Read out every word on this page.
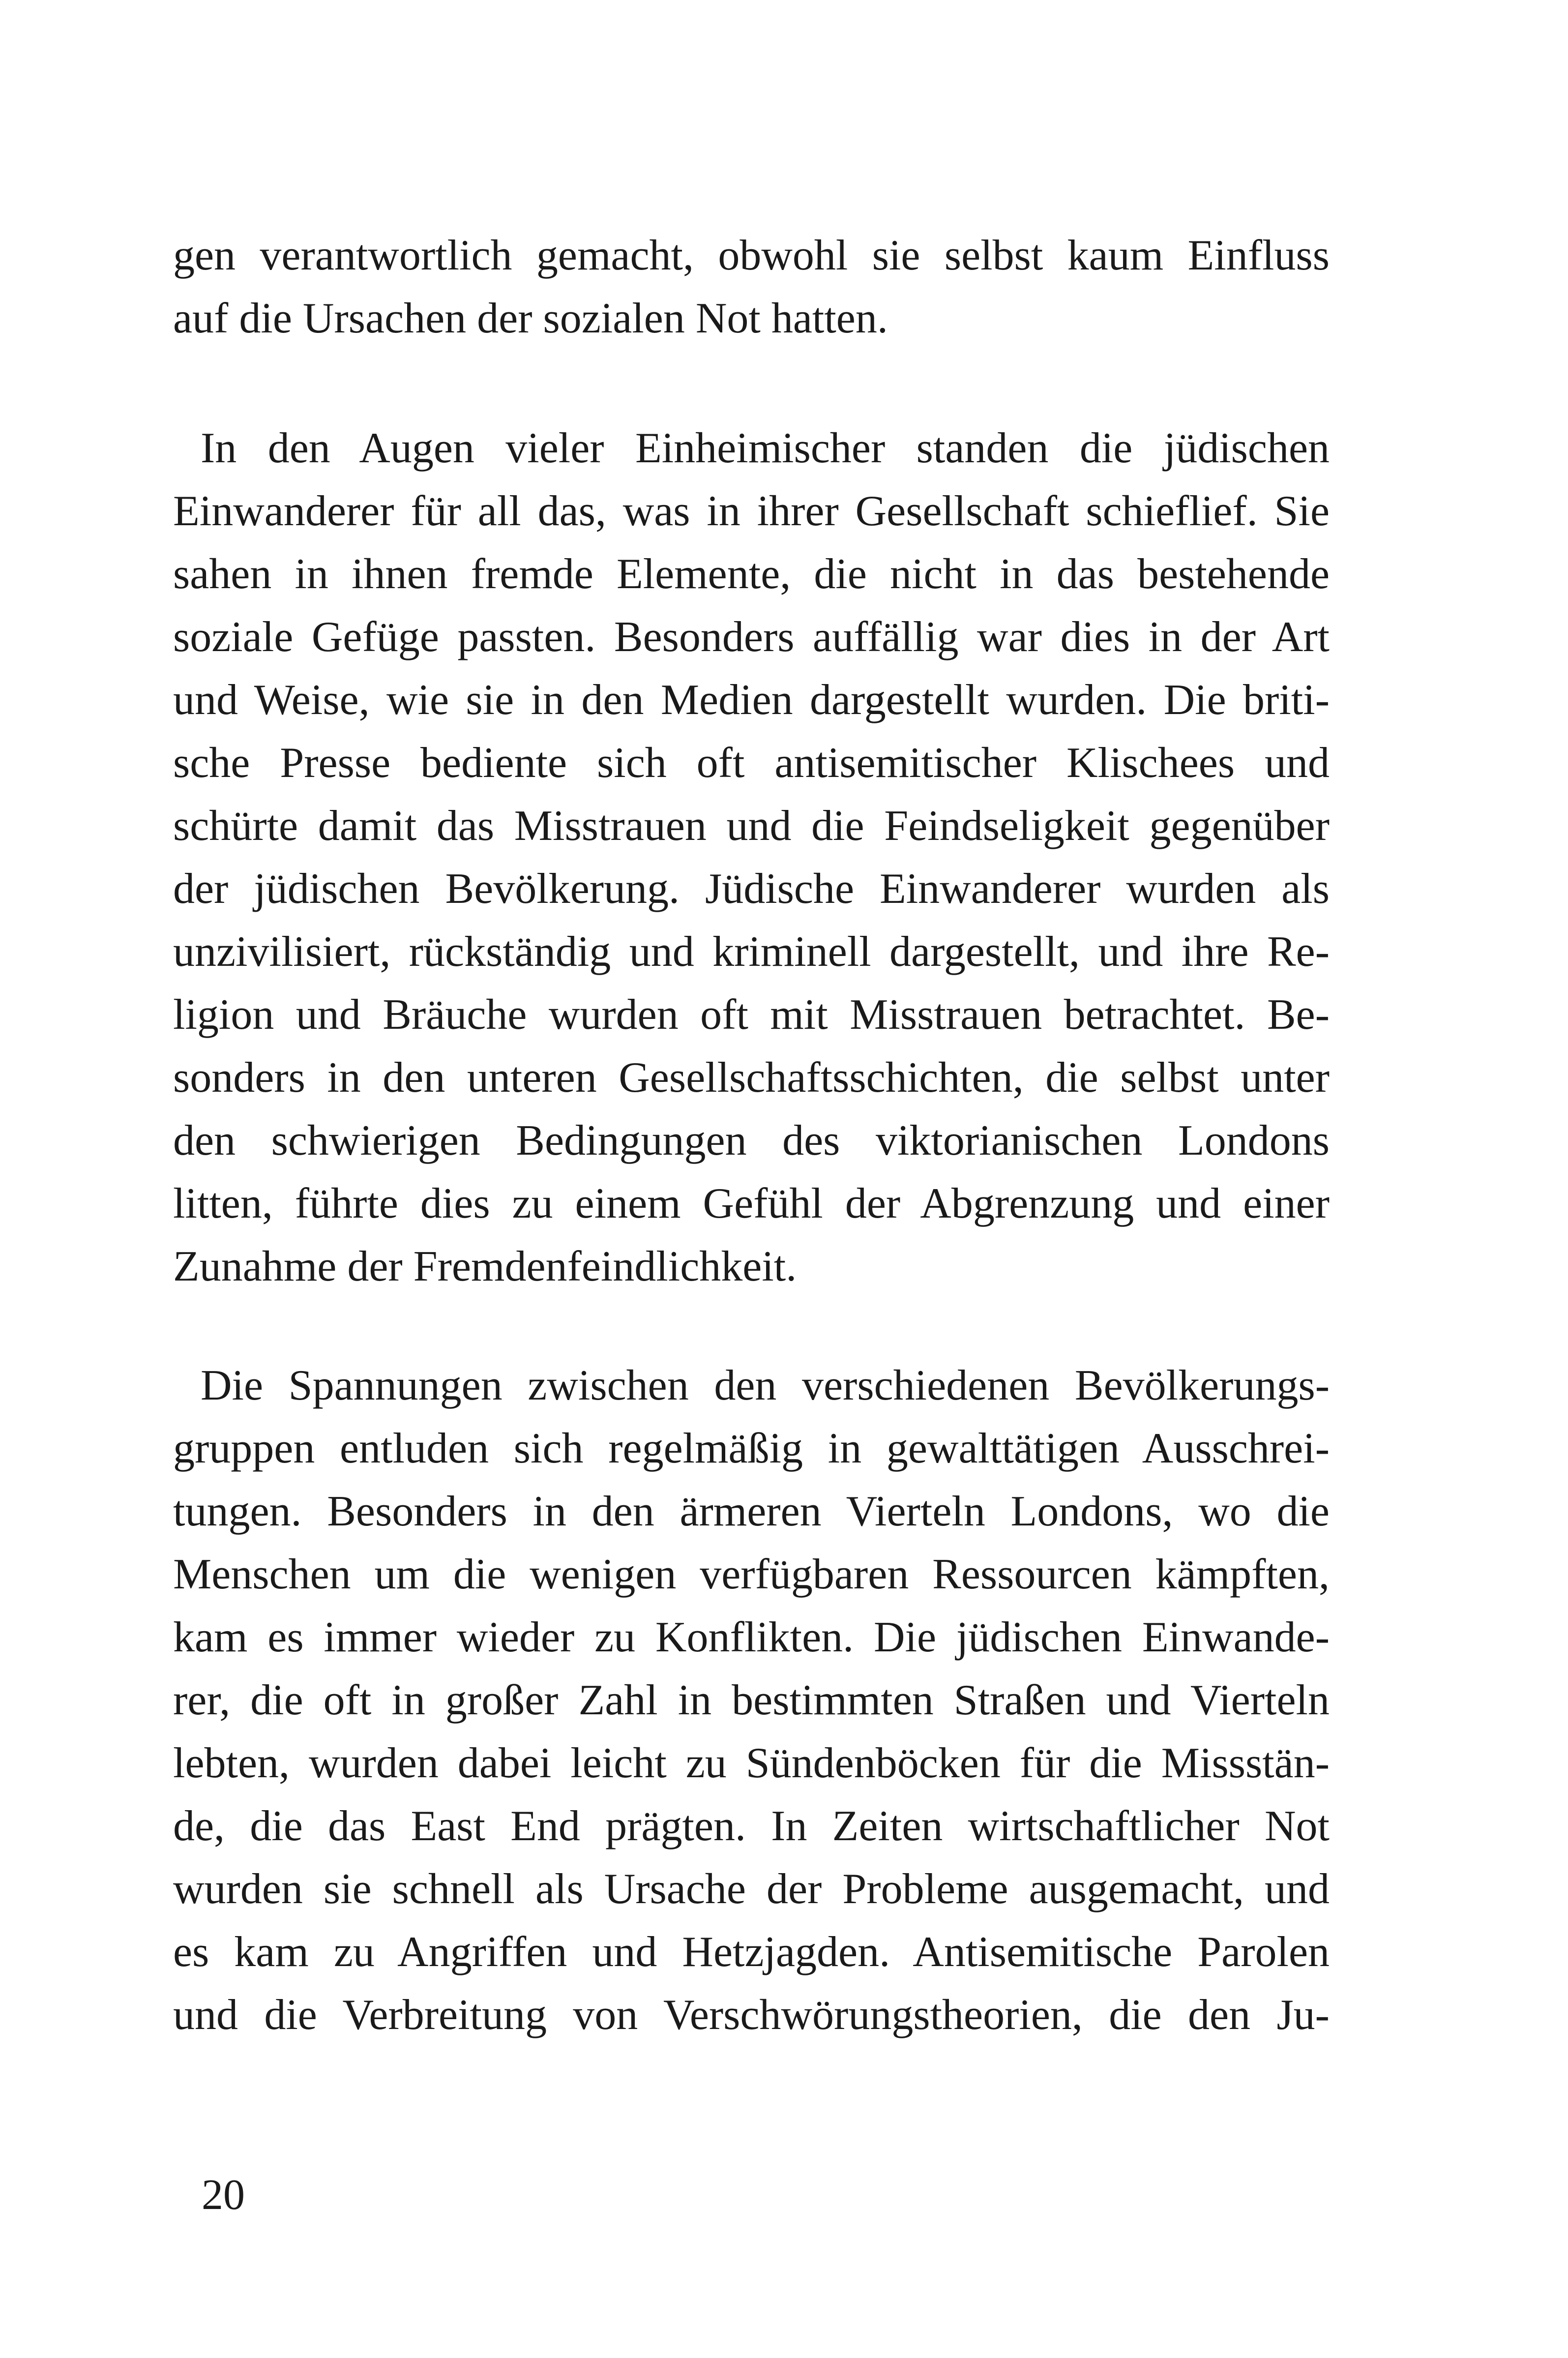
gen verantwortlich gemacht, obwohl sie selbst kaum Einfluss
auf die Ursachen der sozialen Not hatten.
In den Augen vieler Einheimischer standen die jüdischen
Einwanderer für all das, was in ihrer Gesellschaft schieflief. Sie
sahen in ihnen fremde Elemente, die nicht in das bestehende
soziale Gefüge passten. Besonders auffällig war dies in der Art
und Weise, wie sie in den Medien dargestellt wurden. Die briti-
sche Presse bediente sich oft antisemitischer Klischees und
schürte damit das Misstrauen und die Feindseligkeit gegenüber
der jüdischen Bevölkerung. Jüdische Einwanderer wurden als
unzivilisiert, rückständig und kriminell dargestellt, und ihre Re-
ligion und Bräuche wurden oft mit Misstrauen betrachtet. Be-
sonders in den unteren Gesellschaftsschichten, die selbst unter
den schwierigen Bedingungen des viktorianischen Londons
litten, führte dies zu einem Gefühl der Abgrenzung und einer
Zunahme der Fremdenfeindlichkeit.
Die Spannungen zwischen den verschiedenen Bevölkerungs-
gruppen entluden sich regelmäßig in gewalttätigen Ausschrei-
tungen. Besonders in den ärmeren Vierteln Londons, wo die
Menschen um die wenigen verfügbaren Ressourcen kämpften,
kam es immer wieder zu Konflikten. Die jüdischen Einwande-
rer, die oft in großer Zahl in bestimmten Straßen und Vierteln
lebten, wurden dabei leicht zu Sündenböcken für die Missstän-
de, die das East End prägten. In Zeiten wirtschaftlicher Not
wurden sie schnell als Ursache der Probleme ausgemacht, und
es kam zu Angriffen und Hetzjagden. Antisemitische Parolen
und die Verbreitung von Verschwörungstheorien, die den Ju-
20
